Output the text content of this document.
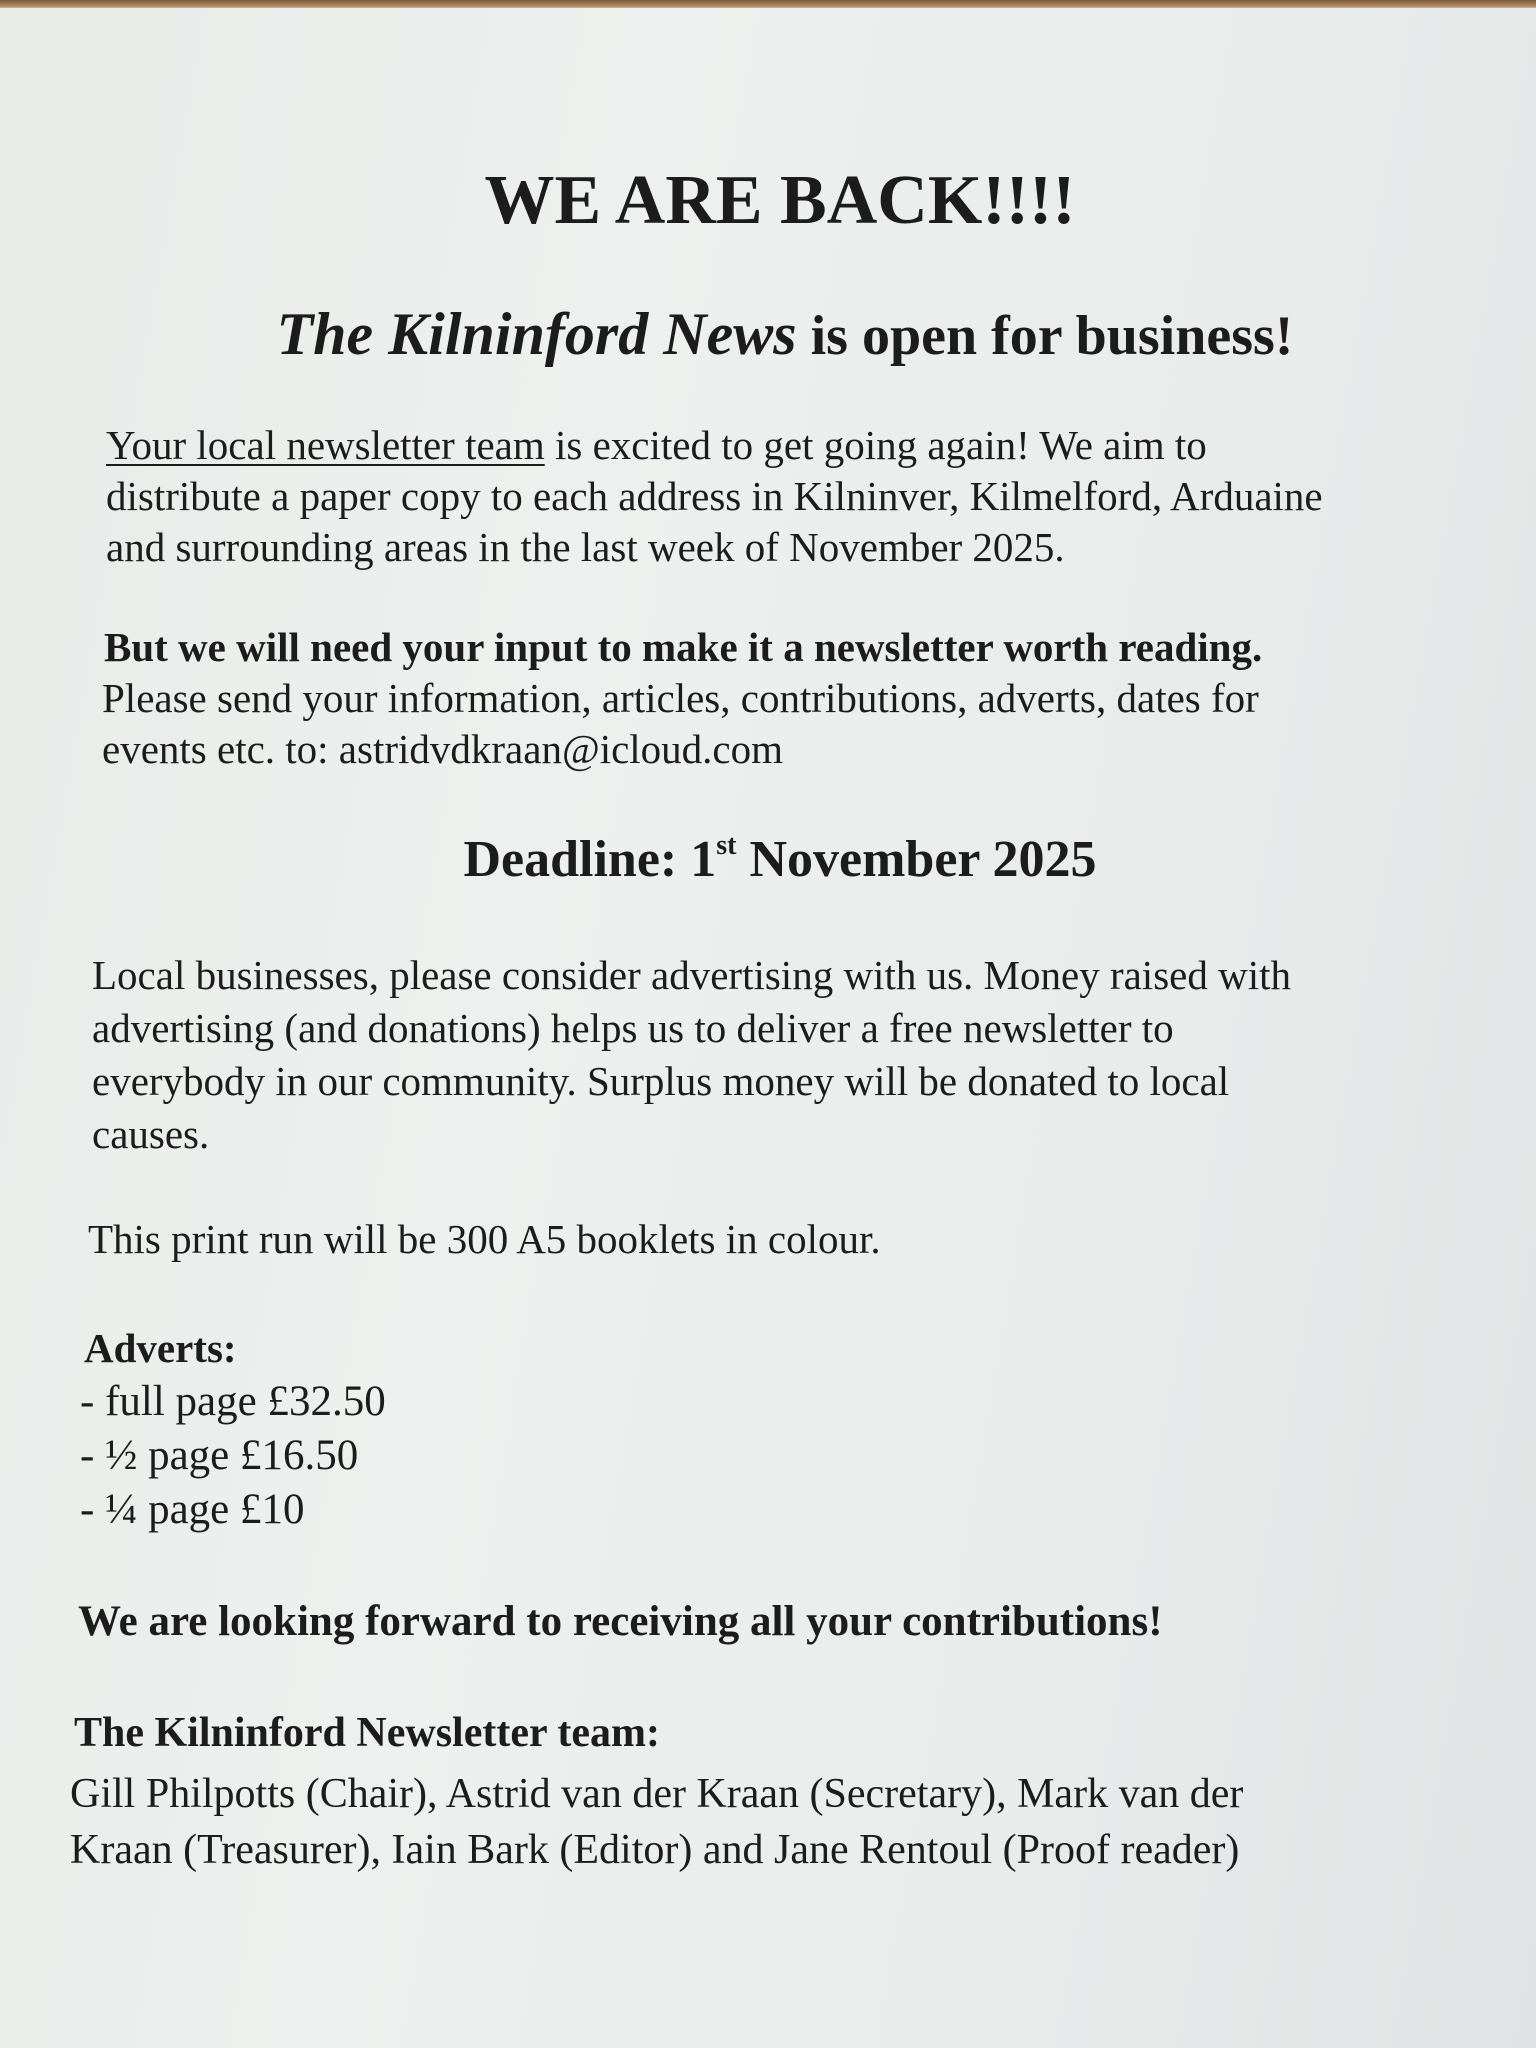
WE ARE BACK!!!!
The Kilninford News is open for business!
Your local newsletter team is excited to get going again! We aim to
distribute a paper copy to each address in Kilninver, Kilmelford, Arduaine
and surrounding areas in the last week of November 2025.
But we will need your input to make it a newsletter worth reading.
Please send your information, articles, contributions, adverts, dates for
events etc. to: astridvdkraan@icloud.com
Deadline: 1st November 2025
Local businesses, please consider advertising with us. Money raised with
advertising (and donations) helps us to deliver a free newsletter to
everybody in our community. Surplus money will be donated to local
causes.
This print run will be 300 A5 booklets in colour.
Adverts:
- full page £32.50
- ½ page £16.50
- ¼ page £10
We are looking forward to receiving all your contributions!
The Kilninford Newsletter team:
Gill Philpotts (Chair), Astrid van der Kraan (Secretary), Mark van der
Kraan (Treasurer), Iain Bark (Editor) and Jane Rentoul (Proof reader)
